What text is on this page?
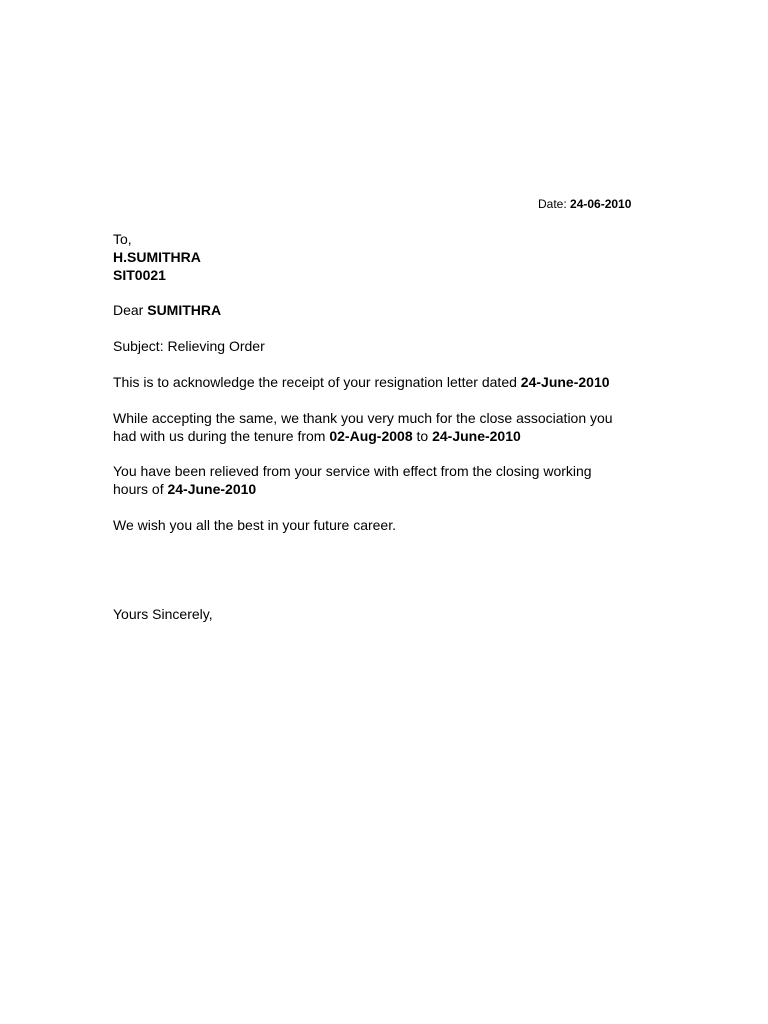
Date: 24-06-2010
To,
H.SUMITHRA
SIT0021
Dear SUMITHRA
Subject: Relieving Order
This is to acknowledge the receipt of your resignation letter dated 24-June-2010
While accepting the same, we thank you very much for the close association you
had with us during the tenure from 02-Aug-2008 to 24-June-2010
You have been relieved from your service with effect from the closing working
hours of 24-June-2010
We wish you all the best in your future career.
Yours Sincerely,
